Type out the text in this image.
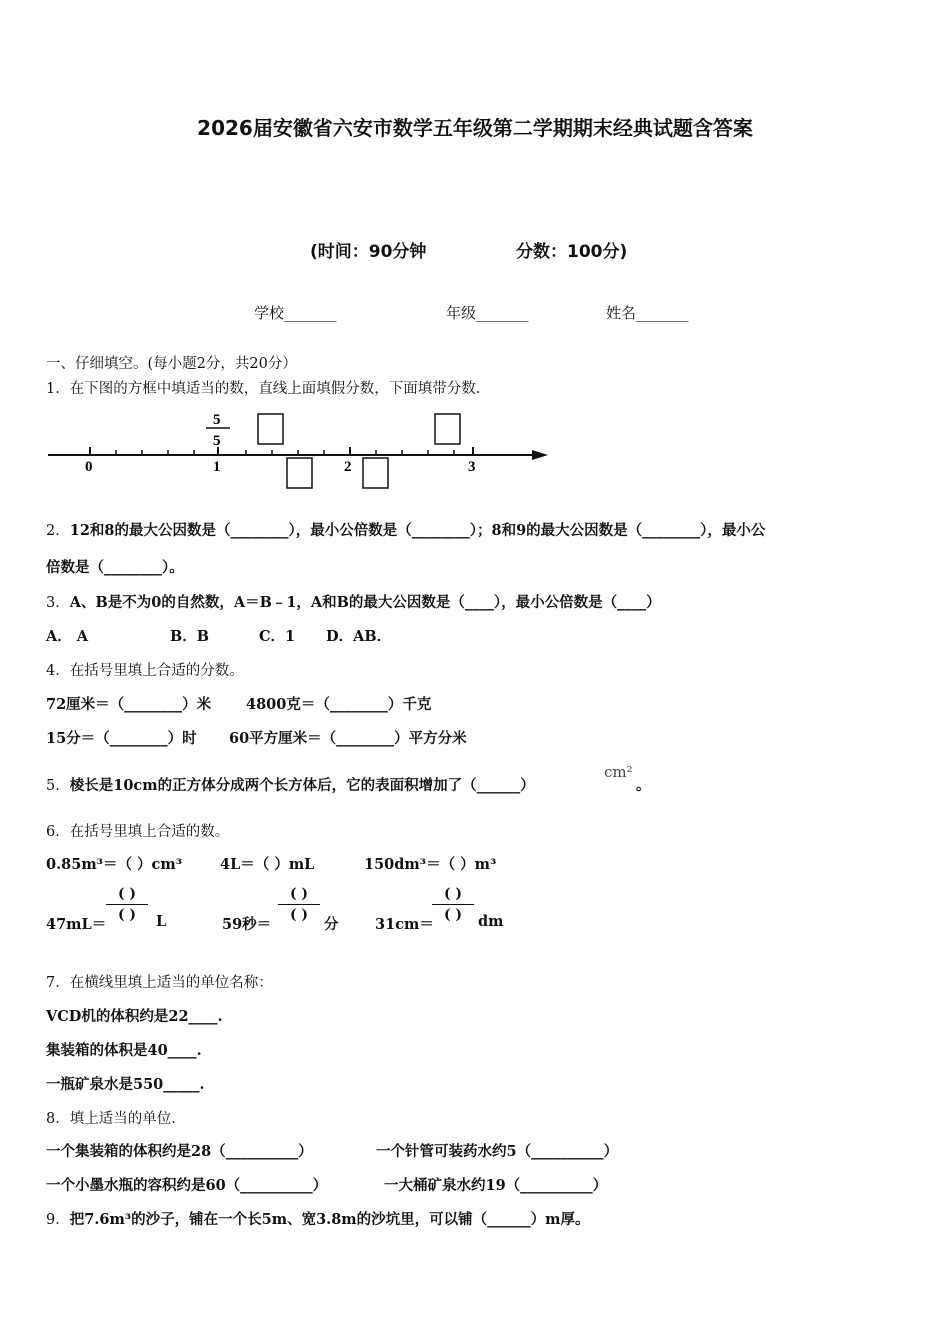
2026届安徽省六安市数学五年级第二学期期末经典试题含答案
(时间：90分钟	分数：100分)
学校_______	年级_______	姓名_______
一、仔细填空。(每小题2分，共20分）
1．在下图的方框中填适当的数，直线上面填假分数，下面填带分数．
0	1	2	3
5
5
2．12和8的最大公因数是（________），最小公倍数是（________）；8和9的最大公因数是（________），最小公
倍数是（________）。
3．A、B是不为0的自然数，A＝B﹣1，A和B的最大公因数是（____），最小公倍数是（____）
A． A	B．B	C．1 D．AB．
4．在括号里填上合适的分数。
72厘米＝（________）米 4800克＝（________）千克
15分＝（________）时 60平方厘米＝（________）平方分米
5．棱长是10cm的正方体分成两个长方体后，它的表面积增加了（______）
cm²
。
6．在括号里填上合适的数。
0.85m³＝（ ）cm³	4L＝（ ）mL	150dm³＝（ ）m³
47mL＝
( )
( )	L	59秒＝
( )
( )
分	31cm＝
( )
( )	dm
7．在横线里填上适当的单位名称：
VCD机的体积约是22____.
集装箱的体积是40____.
一瓶矿泉水是550_____.
8．填上适当的单位．
一个集装箱的体积约是28（__________）	一个针管可装药水约5（__________）
一个小墨水瓶的容积约是60（__________）	一大桶矿泉水约19（__________）
9．把7.6m³的沙子，铺在一个长5m、宽3.8m的沙坑里，可以铺（______）m厚。
